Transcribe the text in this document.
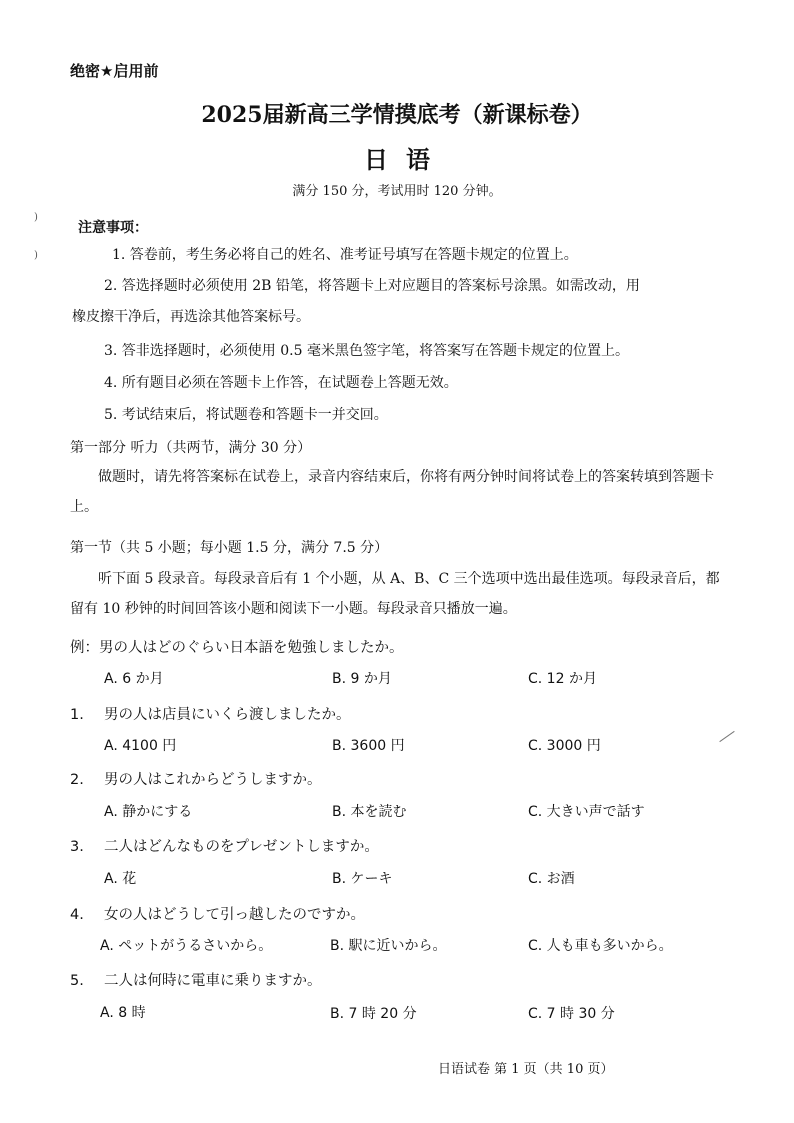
绝密★启用前
2025届新高三学情摸底考（新课标卷）
日语
满分 150 分，考试用时 120 分钟。
)
)
注意事项：
1. 答卷前，考生务必将自己的姓名、准考证号填写在答题卡规定的位置上。
2. 答选择题时必须使用 2B 铅笔，将答题卡上对应题目的答案标号涂黑。如需改动，用
橡皮擦干净后，再选涂其他答案标号。
3. 答非选择题时，必须使用 0.5 毫米黑色签字笔，将答案写在答题卡规定的位置上。
4. 所有题目必须在答题卡上作答，在试题卷上答题无效。
5. 考试结束后，将试题卷和答题卡一并交回。
第一部分 听力（共两节，满分 30 分）
做题时，请先将答案标在试卷上，录音内容结束后，你将有两分钟时间将试卷上的答案转填到答题卡上。
第一节（共 5 小题；每小题 1.5 分，满分 7.5 分）
听下面 5 段录音。每段录音后有 1 个小题，从 A、B、C 三个选项中选出最佳选项。每段录音后，都留有 10 秒钟的时间回答该小题和阅读下一小题。每段录音只播放一遍。
例：男の人はどのぐらい日本語を勉強しましたか。
A. 6 か月	B. 9 か月	C. 12 か月
1. 男の人は店員にいくら渡しましたか。
A. 4100 円	B. 3600 円	C. 3000 円
2. 男の人はこれからどうしますか。
A. 静かにする	B. 本を読む	C. 大きい声で話す
3. 二人はどんなものをプレゼントしますか。
A. 花	B. ケーキ	C. お酒
4. 女の人はどうして引っ越したのですか。
A. ペットがうるさいから。	B. 駅に近いから。	C. 人も車も多いから。
5. 二人は何時に電車に乗りますか。
A. 8 時	B. 7 時 20 分	C. 7 時 30 分
日语试卷 第 1 页（共 10 页）
